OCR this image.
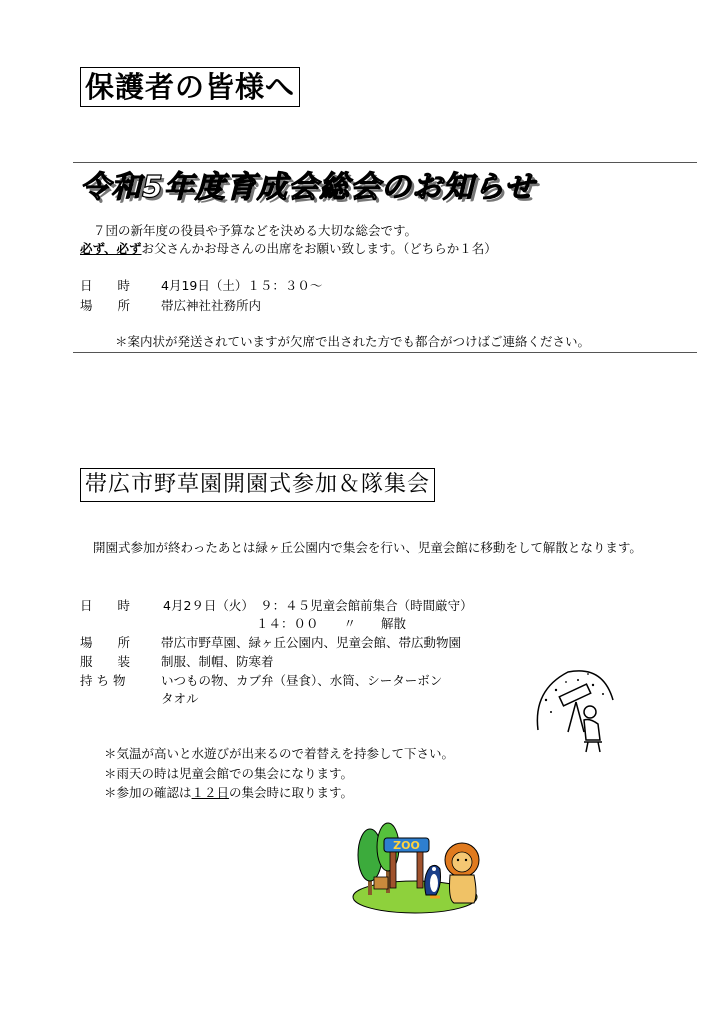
保護者の皆様へ
令和5年度育成会総会のお知らせ
７団の新年度の役員や予算などを決める大切な総会です。
必ず、必ずお父さんかお母さんの出席をお願い致します。（どちらか１名）
日　　時 4月19日（土）１５：３０～
場　　所 帯広神社社務所内
＊案内状が発送されていますが欠席で出された方でも都合がつけばご連絡ください。
帯広市野草園開園式参加＆隊集会
開園式参加が終わったあとは緑ヶ丘公園内で集会を行い、児童会館に移動をして解散となります。
日　　時	4月2９日（火）　９：４５児童会館前集合（時間厳守）
１４：００　　〃　　解散
場　　所 帯広市野草園、緑ヶ丘公園内、児童会館、帯広動物園
服　　装 制服、制帽、防寒着
持 ち 物	いつもの物、カブ弁（昼食）、水筒、シーターボン
タオル
＊気温が高いと水遊びが出来るので着替えを持参して下さい。
＊雨天の時は児童会館での集会になります。
＊参加の確認は１２日の集会時に取ります。
ZOO
